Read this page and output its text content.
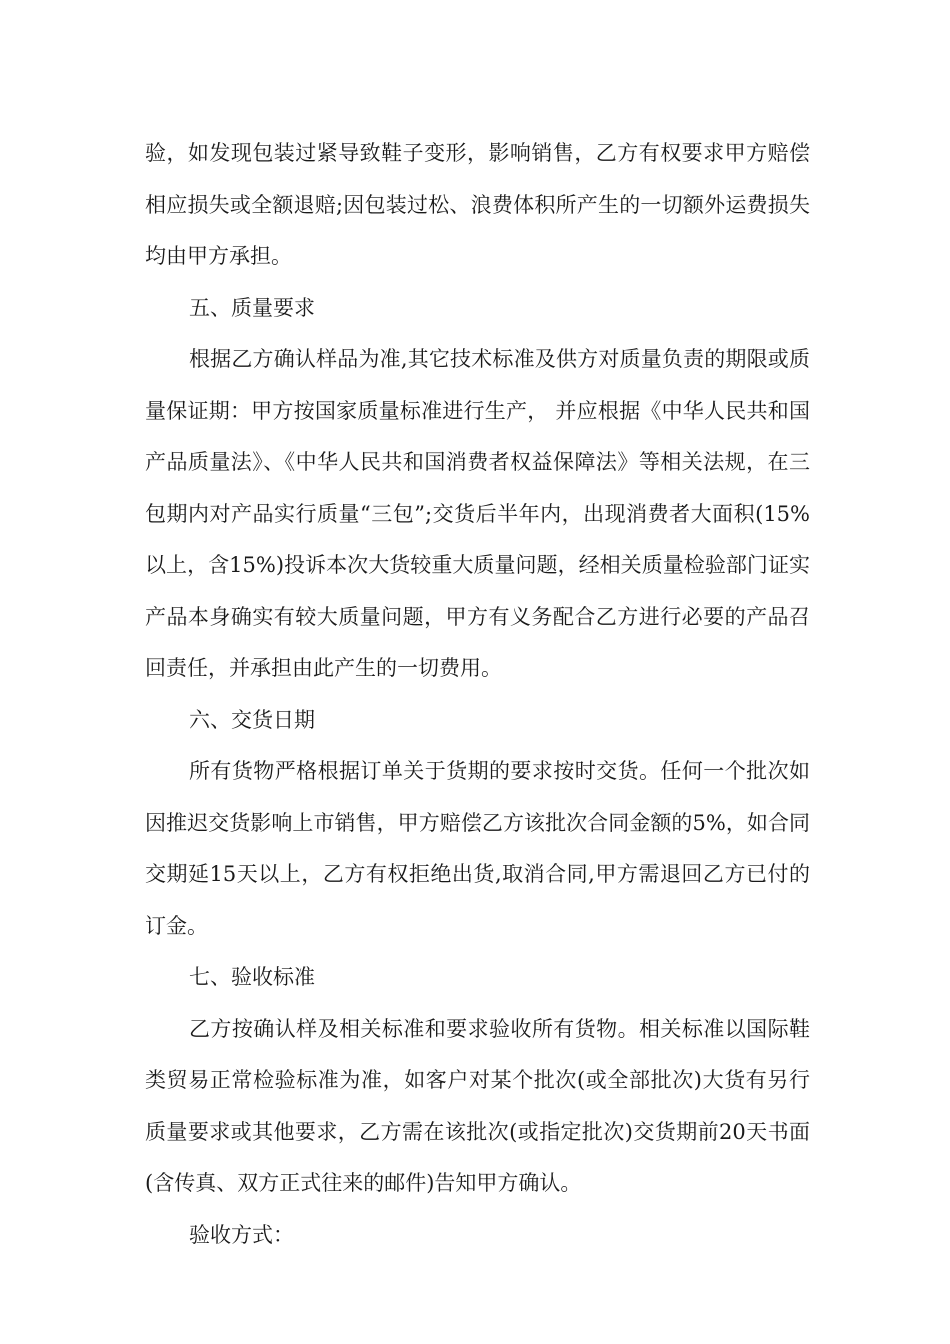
验，如发现包装过紧导致鞋子变形，影响销售，乙方有权要求甲方赔偿相应损失或全额退赔;因包装过松、浪费体积所产生的一切额外运费损失均由甲方承担。

五、质量要求

根据乙方确认样品为准,其它技术标准及供方对质量负责的期限或质量保证期：甲方按国家质量标准进行生产， 并应根据《中华人民共和国产品质量法》、《中华人民共和国消费者权益保障法》等相关法规，在三包期内对产品实行质量“三包”;交货后半年内，出现消费者大面积(15%以上，含15%)投诉本次大货较重大质量问题，经相关质量检验部门证实产品本身确实有较大质量问题，甲方有义务配合乙方进行必要的产品召回责任，并承担由此产生的一切费用。

六、交货日期

所有货物严格根据订单关于货期的要求按时交货。任何一个批次如因推迟交货影响上市销售，甲方赔偿乙方该批次合同金额的5%，如合同交期延15天以上，乙方有权拒绝出货,取消合同,甲方需退回乙方已付的订金。

七、验收标准

乙方按确认样及相关标准和要求验收所有货物。相关标准以国际鞋类贸易正常检验标准为准，如客户对某个批次(或全部批次)大货有另行质量要求或其他要求，乙方需在该批次(或指定批次)交货期前20天书面(含传真、双方正式往来的邮件)告知甲方确认。

验收方式：
